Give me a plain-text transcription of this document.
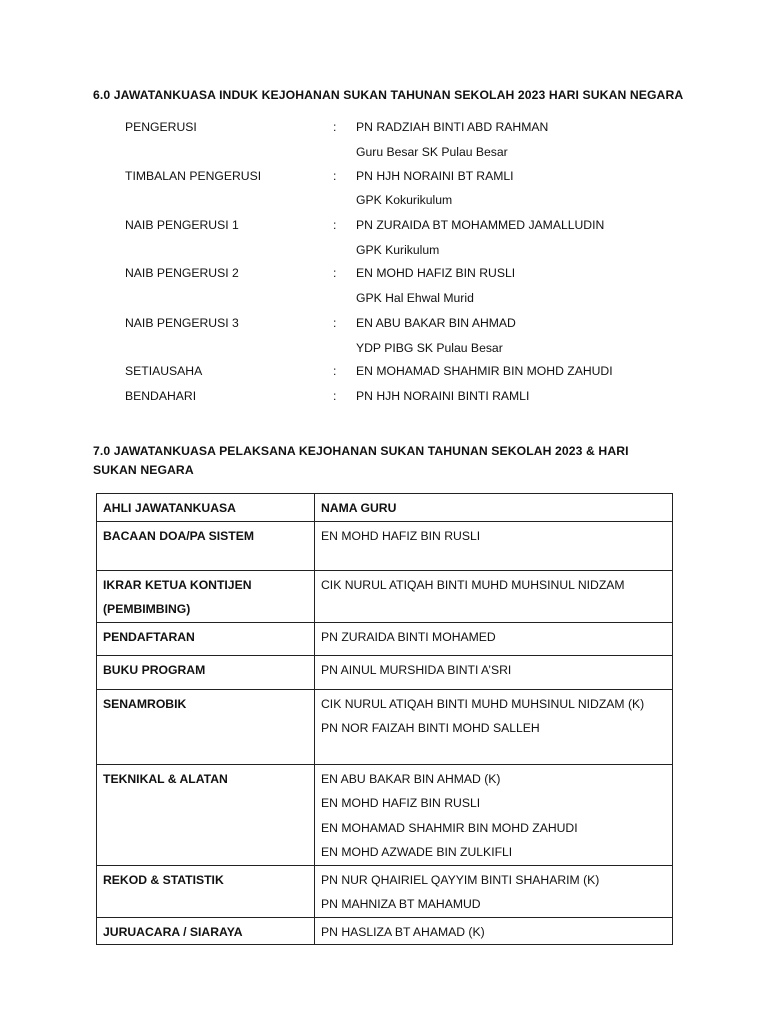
6.0 JAWATANKUASA INDUK KEJOHANAN SUKAN TAHUNAN SEKOLAH 2023 HARI SUKAN NEGARA
PENGERUSI	: PN RADZIAH BINTI ABD RAHMAN
Guru Besar SK Pulau Besar
TIMBALAN PENGERUSI	: PN HJH NORAINI BT RAMLI
GPK Kokurikulum
NAIB PENGERUSI 1	: PN ZURAIDA BT MOHAMMED JAMALLUDIN
GPK Kurikulum
NAIB PENGERUSI 2	: EN MOHD HAFIZ BIN RUSLI
GPK Hal Ehwal Murid
NAIB PENGERUSI 3	: EN ABU BAKAR BIN AHMAD
YDP PIBG SK Pulau Besar
SETIAUSAHA	: EN MOHAMAD SHAHMIR BIN MOHD ZAHUDI
BENDAHARI	: PN HJH NORAINI BINTI RAMLI
7.0 JAWATANKUASA PELAKSANA KEJOHANAN SUKAN TAHUNAN SEKOLAH 2023 & HARI SUKAN NEGARA
AHLI JAWATANKUASA	NAMA GURU

BACAAN DOA/PA SISTEM	EN MOHD HAFIZ BIN RUSLI

IKRAR KETUA KONTIJEN
(PEMBIMBING)	CIK NURUL ATIQAH BINTI MUHD MUHSINUL NIDZAM

PENDAFTARAN	PN ZURAIDA BINTI MOHAMED

BUKU PROGRAM	PN AINUL MURSHIDA BINTI A’SRI

SENAMROBIK	CIK NURUL ATIQAH BINTI MUHD MUHSINUL NIDZAM (K)
PN NOR FAIZAH BINTI MOHD SALLEH

TEKNIKAL & ALATAN	EN ABU BAKAR BIN AHMAD (K)
EN MOHD HAFIZ BIN RUSLI
EN MOHAMAD SHAHMIR BIN MOHD ZAHUDI
EN MOHD AZWADE BIN ZULKIFLI

REKOD & STATISTIK	PN NUR QHAIRIEL QAYYIM BINTI SHAHARIM (K)
PN MAHNIZA BT MAHAMUD

JURUACARA / SIARAYA	PN HASLIZA BT AHAMAD (K)
